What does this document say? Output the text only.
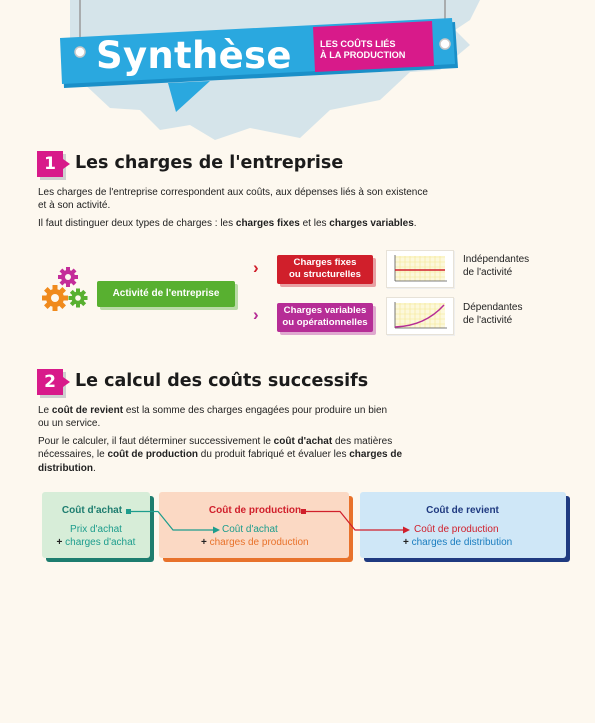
Synthèse	LES COÛTS LIÉS
À LA PRODUCTION
1	Les charges de l'entreprise
Les charges de l'entreprise correspondent aux coûts, aux dépenses liés à son existence
et à son activité.
Il faut distinguer deux types de charges : les charges fixes et les charges variables.
Activité de l'entreprise
›
›
Charges fixes
ou structurelles
Charges variables
ou opérationnelles
Indépendantes
de l'activité
Dépendantes
de l'activité
2	Le calcul des coûts successifs
Le coût de revient est la somme des charges engagées pour produire un bien
ou un service.
Pour le calculer, il faut déterminer successivement le coût d'achat des matières
nécessaires, le coût de production du produit fabriqué et évaluer les charges de
distribution.
Coût d'achat
Prix d'achat
+ charges d'achat
Coût de production
Coût d'achat
+ charges de production
Coût de revient
Coût de production
+ charges de distribution
